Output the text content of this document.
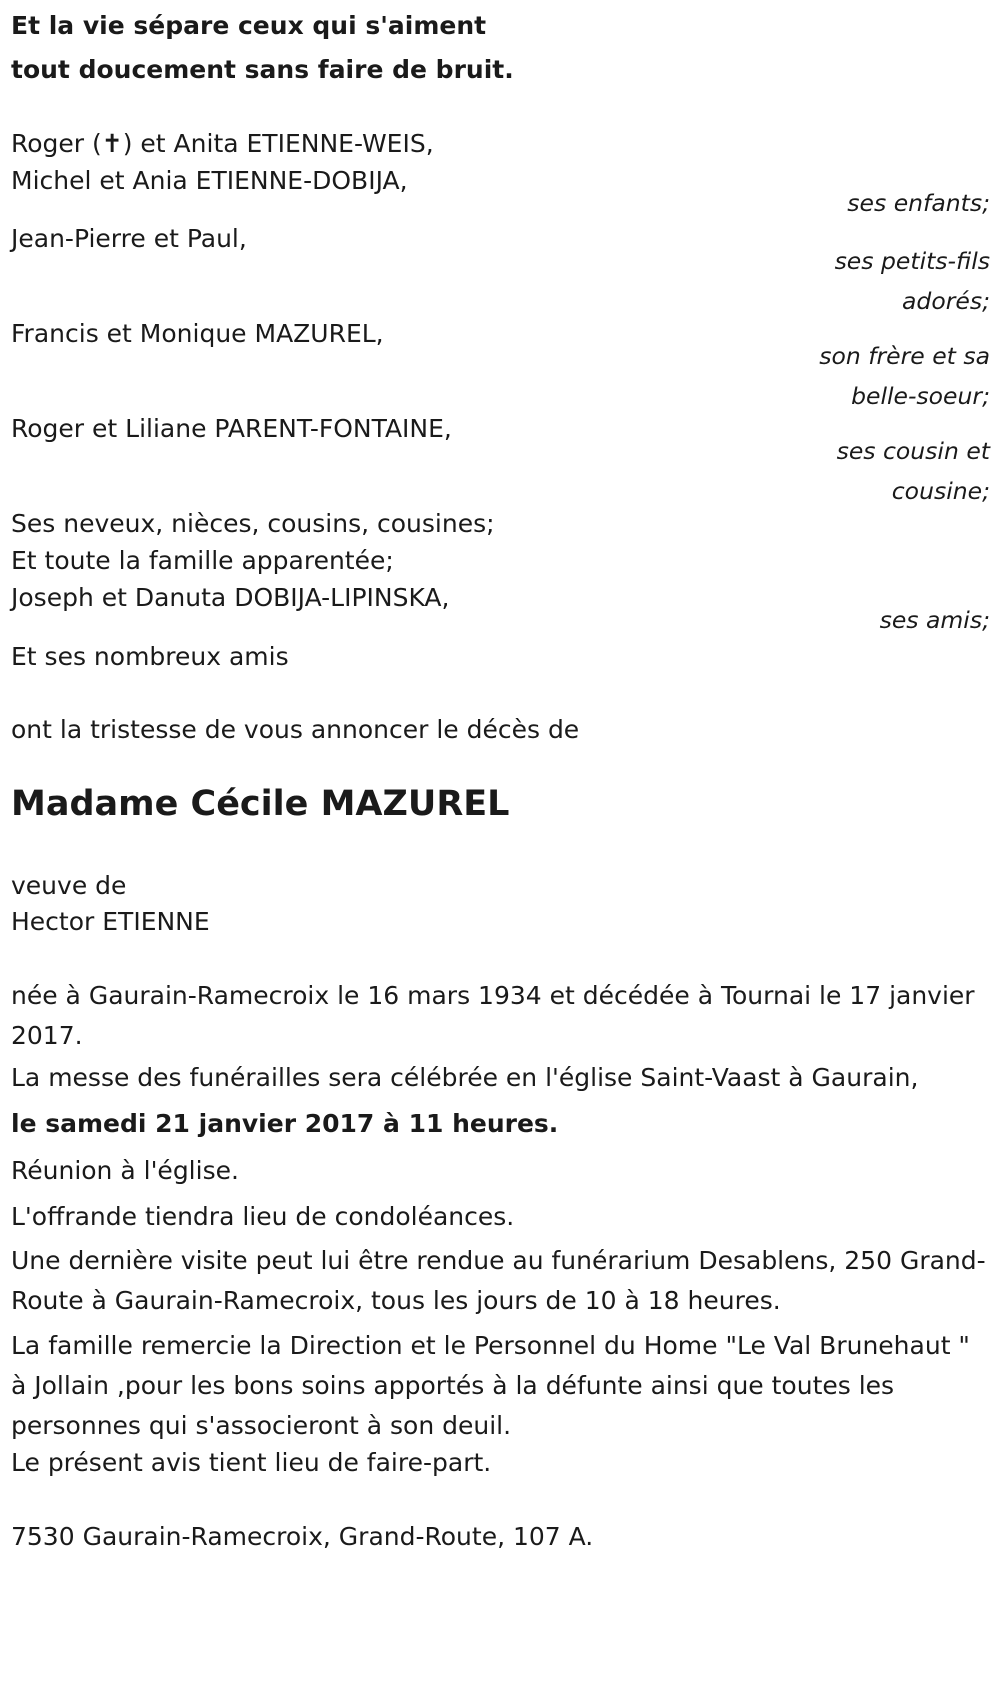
Et la vie sépare ceux qui s'aiment

tout doucement sans faire de bruit.

Roger (✝) et Anita ETIENNE-WEIS,

Michel et Ania ETIENNE-DOBIJA,

ses enfants;

Jean-Pierre et Paul,

ses petits-fils adorés;

Francis et Monique MAZUREL,

son frère et sa belle-soeur;

Roger et Liliane PARENT-FONTAINE,

ses cousin et cousine;

Ses neveux, nièces, cousins, cousines;

Et toute la famille apparentée;

Joseph et Danuta DOBIJA-LIPINSKA,

ses amis;

Et ses nombreux amis

ont la tristesse de vous annoncer le décès de

Madame Cécile MAZUREL

veuve de

Hector ETIENNE

née à Gaurain-Ramecroix le 16 mars 1934 et décédée à Tournai le 17 janvier 2017.

La messe des funérailles sera célébrée en l'église Saint-Vaast à Gaurain,

le samedi 21 janvier 2017 à 11 heures.

Réunion à l'église.

L'offrande tiendra lieu de condoléances.

Une dernière visite peut lui être rendue au funérarium Desablens, 250 Grand-Route à Gaurain-Ramecroix, tous les jours de 10 à 18 heures.

La famille remercie la Direction et le Personnel du Home "Le Val Brunehaut " à Jollain ,pour les bons soins apportés à la défunte ainsi que toutes les personnes qui s'associeront à son deuil.

Le présent avis tient lieu de faire-part.

7530 Gaurain-Ramecroix, Grand-Route, 107 A.
